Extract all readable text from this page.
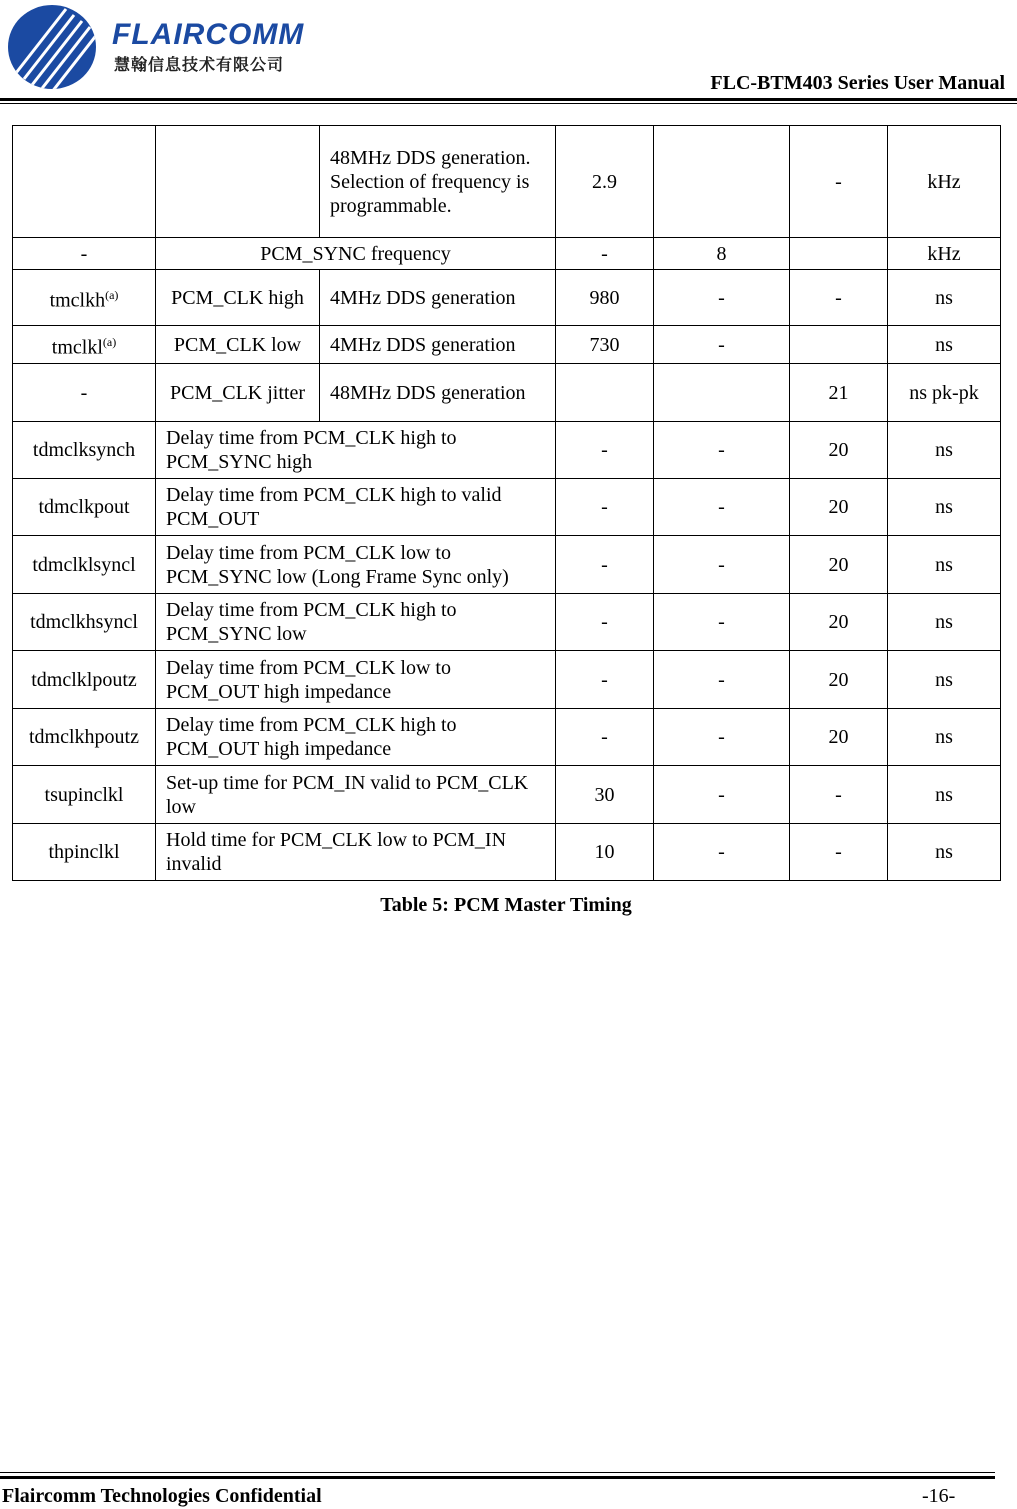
FLAIRCOMM
慧翰信息技术有限公司
FLC-BTM403 Series User Manual
		48MHz DDS generation. Selection of frequency is programmable.	2.9		-	kHz
-	PCM_SYNC frequency		-	8		kHz
tmclkh$^{(a)}$	PCM_CLK high	4MHz DDS generation	980	-	-	ns
tmclkl$^{(a)}$	PCM_CLK low	4MHz DDS generation	730	-		ns
-	PCM_CLK jitter	48MHz DDS generation			21	ns pk-pk
tdmclksynch	Delay time from PCM_CLK high to PCM_SYNC high		-	-	20	ns
tdmclkpout	Delay time from PCM_CLK high to valid PCM_OUT		-	-	20	ns
tdmclklsyncl	Delay time from PCM_CLK low to PCM_SYNC low (Long Frame Sync only)		-	-	20	ns
tdmclkhsyncl	Delay time from PCM_CLK high to PCM_SYNC low		-	-	20	ns
tdmclklpoutz	Delay time from PCM_CLK low to PCM_OUT high impedance		-	-	20	ns
tdmclkhpoutz	Delay time from PCM_CLK high to PCM_OUT high impedance		-	-	20	ns
tsupinclkl	Set-up time for PCM_IN valid to PCM_CLK low		30	-	-	ns
thpinclkl	Hold time for PCM_CLK low to PCM_IN invalid		10	-	-	ns
Table 5: PCM Master Timing
Flaircomm Technologies Confidential	-16-
